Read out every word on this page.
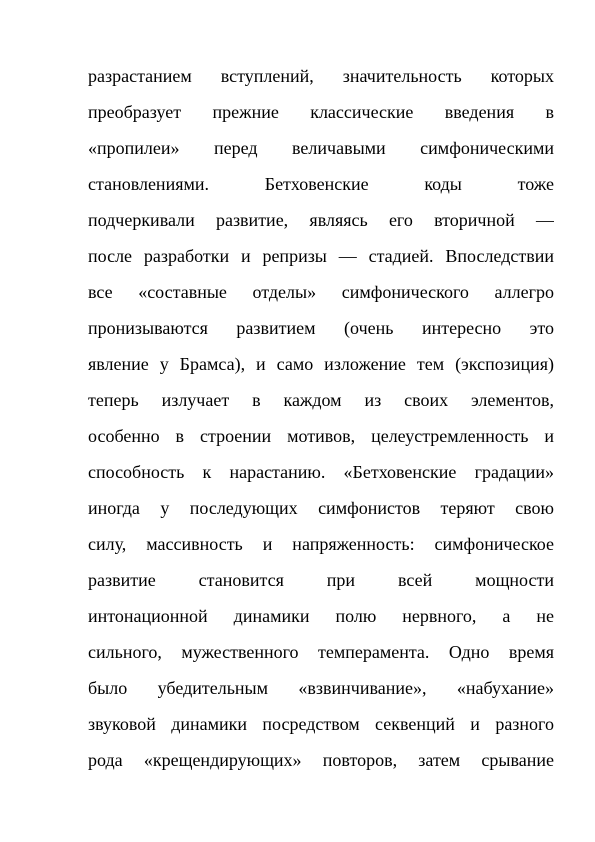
разрастанием вступлений, значительность которых
преобразует прежние классические введения в
«пропилеи» перед величавыми симфоническими
становлениями. Бетховенские коды тоже
подчеркивали развитие, являясь его вторичной —
после разработки и репризы — стадией. Впоследствии
все «составные отделы» симфонического аллегро
пронизываются развитием (очень интересно это
явление у Брамса), и само изложение тем (экспозиция)
теперь излучает в каждом из своих элементов,
особенно в строении мотивов, целеустремленность и
способность к нарастанию. «Бетховенские градации»
иногда у последующих симфонистов теряют свою
силу, массивность и напряженность: симфоническое
развитие становится при всей мощности
интонационной динамики полю нервного, а не
сильного, мужественного темперамента. Одно время
было убедительным «взвинчивание», «набухание»
звуковой динамики посредством секвенций и разного
рода «крещендирующих» повторов, затем срывание
